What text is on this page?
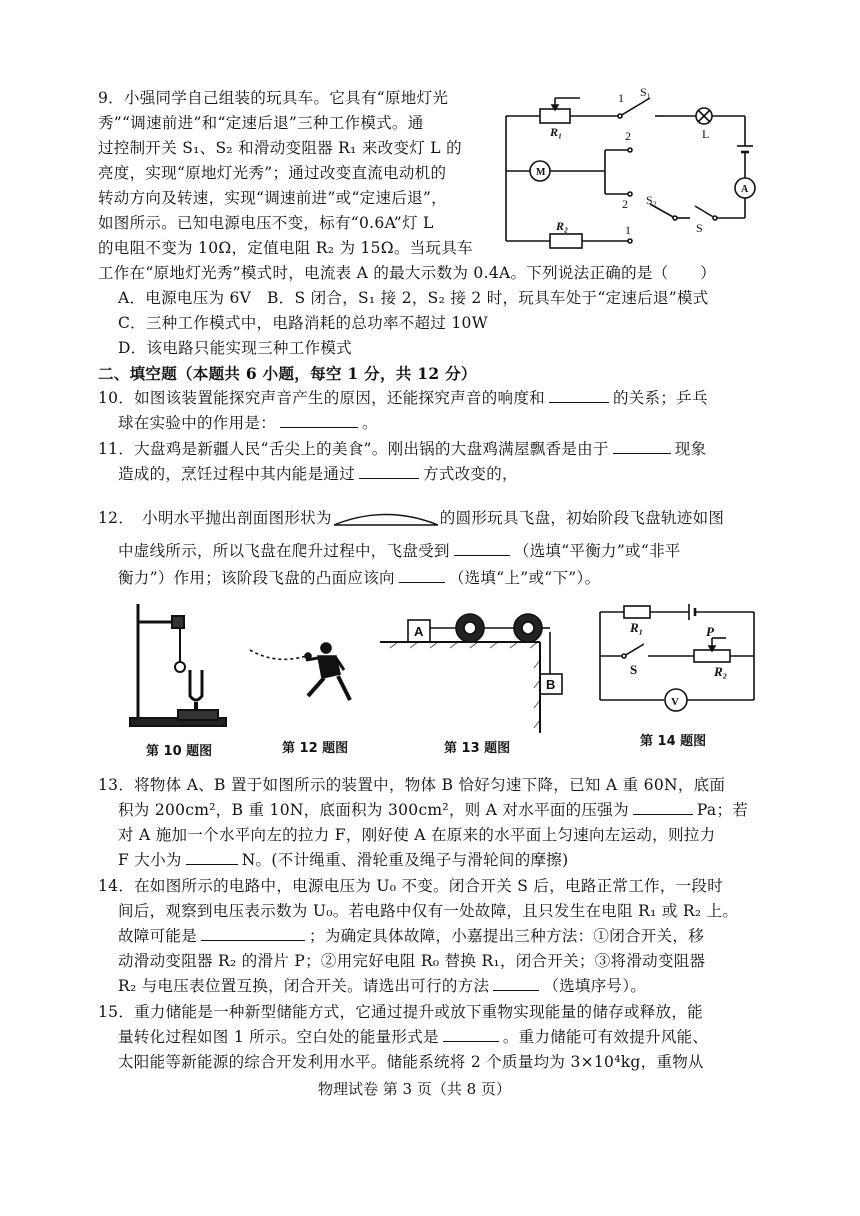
9．小强同学自己组装的玩具车。它具有“原地灯光
秀”“调速前进”和“定速后退”三种工作模式。通
过控制开关 S₁、S₂ 和滑动变阻器 R₁ 来改变灯 L 的
亮度，实现“原地灯光秀”；通过改变直流电动机的
转动方向及转速，实现“调速前进”或“定速后退”，
如图所示。已知电源电压不变，标有“0.6A”灯 L
的电阻不变为 10Ω，定值电阻 R₂ 为 15Ω。当玩具车
工作在“原地灯光秀”模式时，电流表 A 的最大示数为 0.4A。下列说法正确的是（　　）
A．电源电压为 6V　B．S 闭合，S₁ 接 2，S₂ 接 2 时，玩具车处于“定速后退”模式
C．三种工作模式中，电路消耗的总功率不超过 10W
D．该电路只能实现三种工作模式
S₁
1
R₁	L
M
A
2
2 S₂
S
R₂	1
二、填空题（本题共 6 小题，每空 1 分，共 12 分）
10．如图该装置能探究声音产生的原因，还能探究声音的响度和	的关系；乒乓
球在实验中的作用是：	。
11．大盘鸡是新疆人民“舌尖上的美食”。刚出锅的大盘鸡满屋飘香是由于	现象
造成的，烹饪过程中其内能是通过	方式改变的，
12．　小明水平抛出剖面图形状为	的圆形玩具飞盘，初始阶段飞盘轨迹如图
中虚线所示，所以飞盘在爬升过程中，飞盘受到	（选填“平衡力”或“非平
衡力”）作用；该阶段飞盘的凸面应该向	（选填“上”或“下”）。
第 10 题图	第 12 题图
A
B
第 13 题图
R₁	P
S	R₂
V
第 14 题图
13．将物体 A、B 置于如图所示的装置中，物体 B 恰好匀速下降，已知 A 重 60N，底面
积为 200cm²，B 重 10N，底面积为 300cm²，则 A 对水平面的压强为	Pa；若
对 A 施加一个水平向左的拉力 F，刚好使 A 在原来的水平面上匀速向左运动，则拉力
F 大小为	N。(不计绳重、滑轮重及绳子与滑轮间的摩擦)
14．在如图所示的电路中，电源电压为 U₀ 不变。闭合开关 S 后，电路正常工作，一段时
间后，观察到电压表示数为 U₀。若电路中仅有一处故障，且只发生在电阻 R₁ 或 R₂ 上。
故障可能是	；为确定具体故障，小嘉提出三种方法：①闭合开关，移
动滑动变阻器 R₂ 的滑片 P；②用完好电阻 R₀ 替换 R₁，闭合开关；③将滑动变阻器
R₂ 与电压表位置互换，闭合开关。请选出可行的方法	（选填序号）。
15．重力储能是一种新型储能方式，它通过提升或放下重物实现能量的储存或释放，能
量转化过程如图 1 所示。空白处的能量形式是	。重力储能可有效提升风能、
太阳能等新能源的综合开发利用水平。储能系统将 2 个质量均为 3×10⁴kg，重物从
物理试卷 第 3 页（共 8 页）
